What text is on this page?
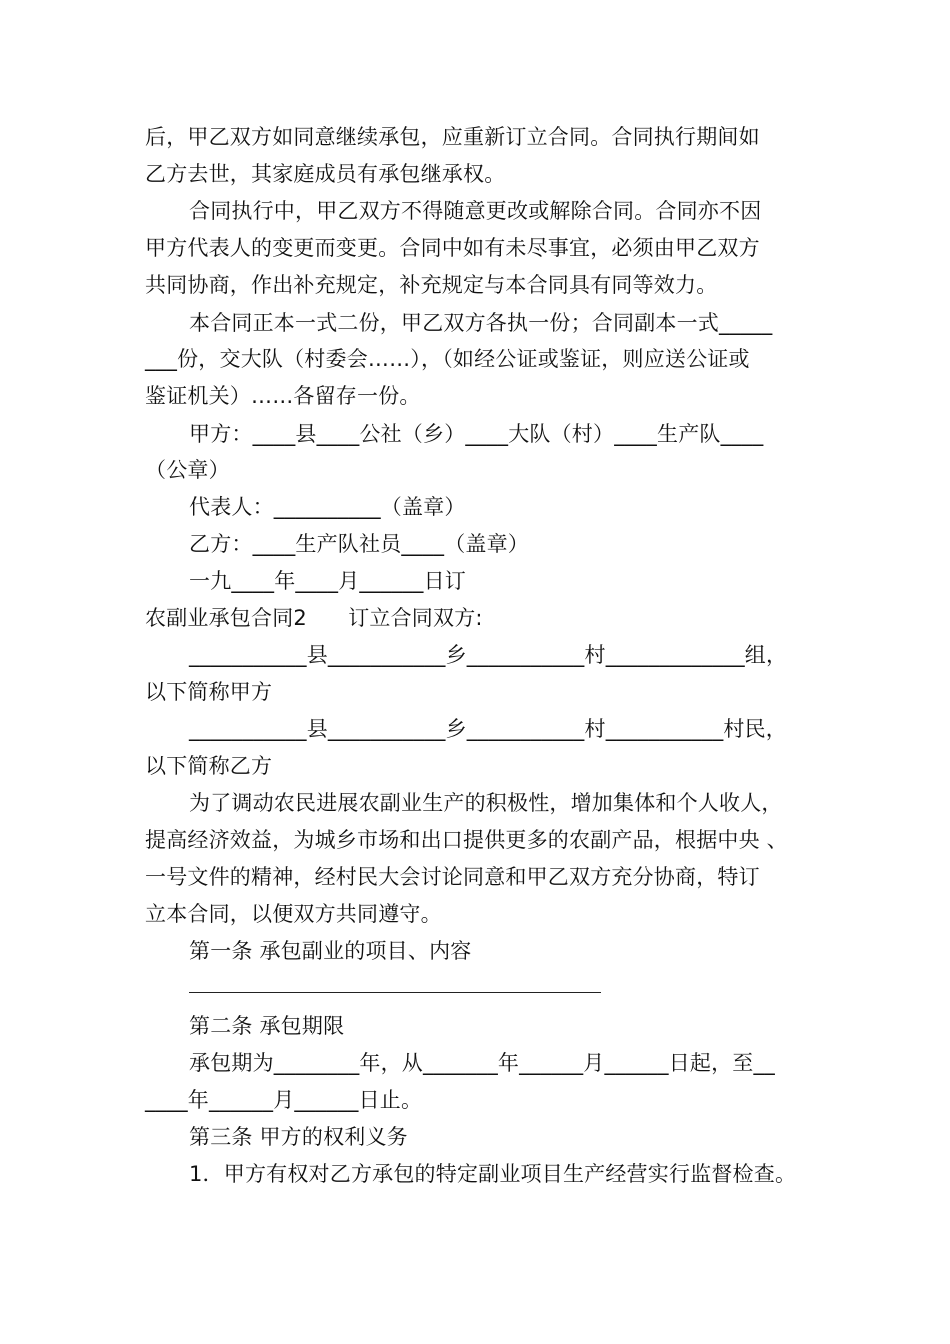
后，甲乙双方如同意继续承包，应重新订立合同。合同执行期间如
乙方去世，其家庭成员有承包继承权。
合同执行中，甲乙双方不得随意更改或解除合同。合同亦不因
甲方代表人的变更而变更。合同中如有未尽事宜，必须由甲乙双方
共同协商，作出补充规定，补充规定与本合同具有同等效力。
本合同正本一式二份，甲乙双方各执一份；合同副本一式_____
___份，交大队（村委会……），（如经公证或鉴证，则应送公证或
鉴证机关）……各留存一份。
甲方：____县____公社（乡）____大队（村）____生产队____
（公章）
代表人：__________（盖章）
乙方：____生产队社员____（盖章）
一九____年____月______日订
农副业承包合同2      订立合同双方:
___________县___________乡___________村_____________组，
以下简称甲方
___________县___________乡___________村___________村民，
以下简称乙方
为了调动农民进展农副业生产的积极性，增加集体和个人收人，
提高经济效益，为城乡市场和出口提供更多的农副产品，根据中央 、
一号文件的精神，经村民大会讨论同意和甲乙双方充分协商，特订
立本合同，以便双方共同遵守。
第一条 承包副业的项目、内容
第二条 承包期限
承包期为________年，从_______年______月______日起，至__
____年______月______日止。
第三条 甲方的权利义务
1．甲方有权对乙方承包的特定副业项目生产经营实行监督检查。
